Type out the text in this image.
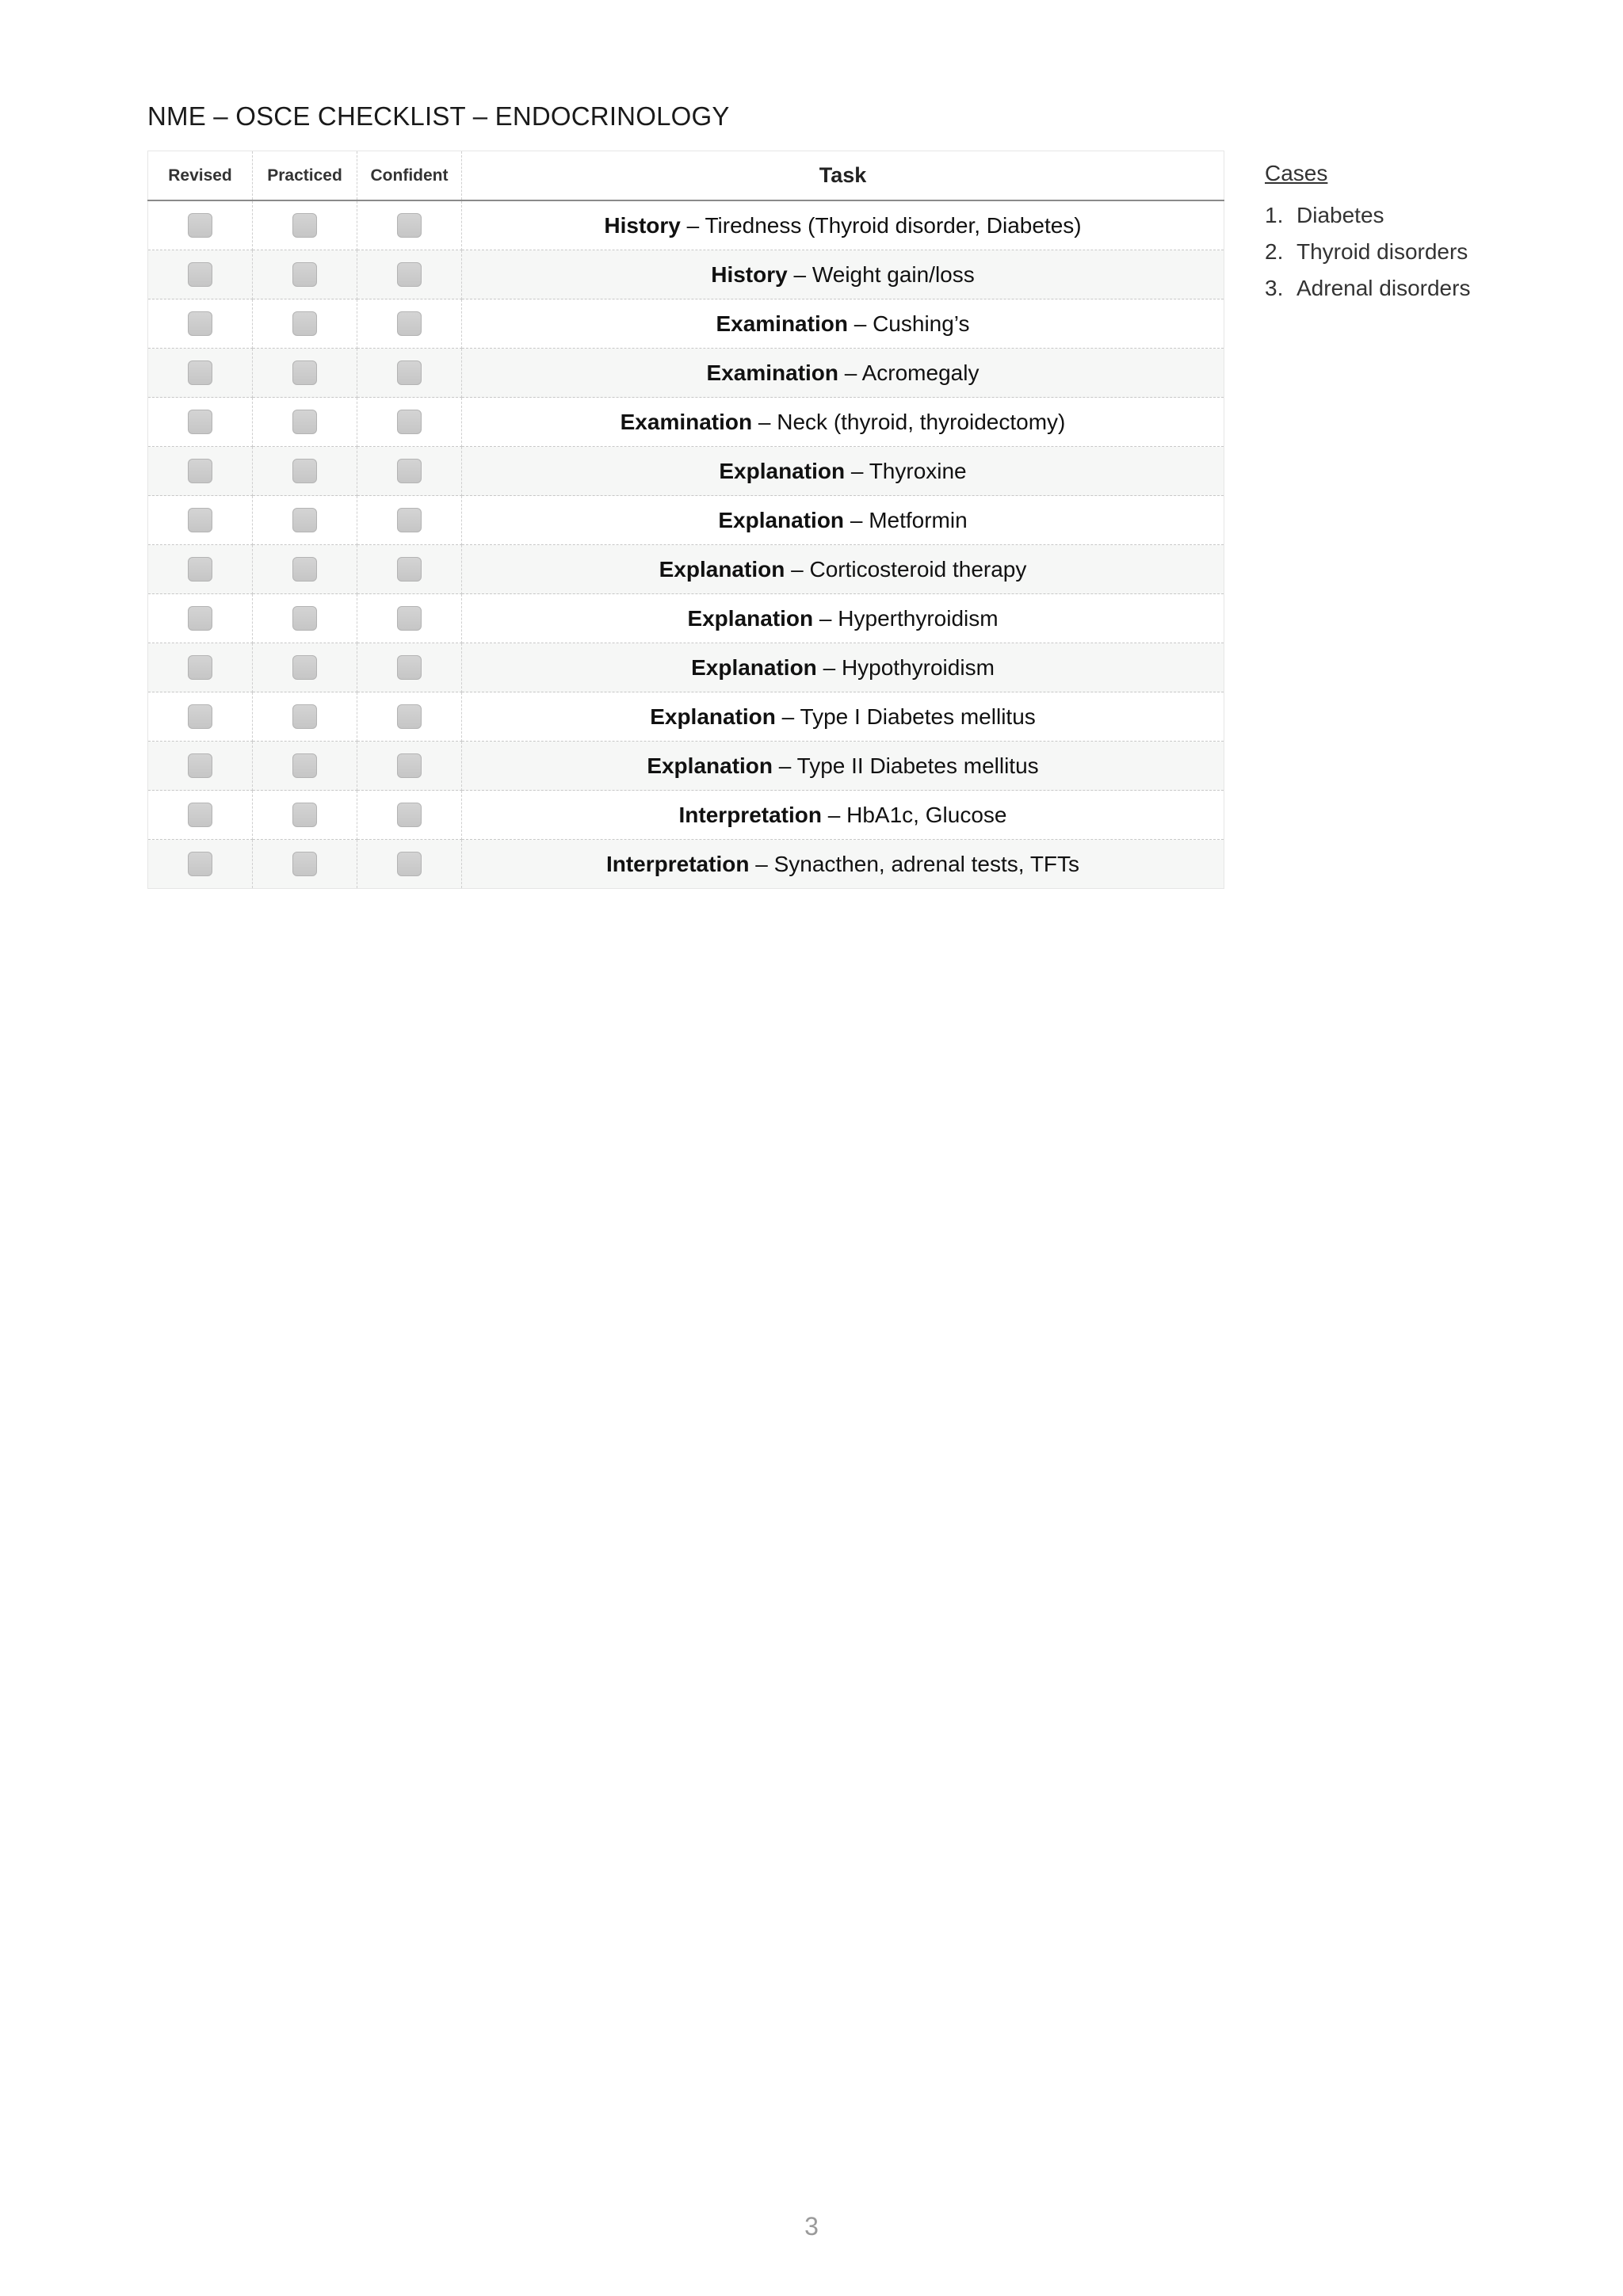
NME – OSCE CHECKLIST – ENDOCRINOLOGY
Revised	Practiced	Confident	Task
			History – Tiredness (Thyroid disorder, Diabetes)
			History – Weight gain/loss
			Examination – Cushing’s
			Examination – Acromegaly
			Examination – Neck (thyroid, thyroidectomy)
			Explanation – Thyroxine
			Explanation – Metformin
			Explanation – Corticosteroid therapy
			Explanation – Hyperthyroidism
			Explanation – Hypothyroidism
			Explanation – Type I Diabetes mellitus
			Explanation – Type II Diabetes mellitus
			Interpretation – HbA1c, Glucose
			Interpretation – Synacthen, adrenal tests, TFTs
Cases
1. Diabetes
2. Thyroid disorders
3. Adrenal disorders
3
